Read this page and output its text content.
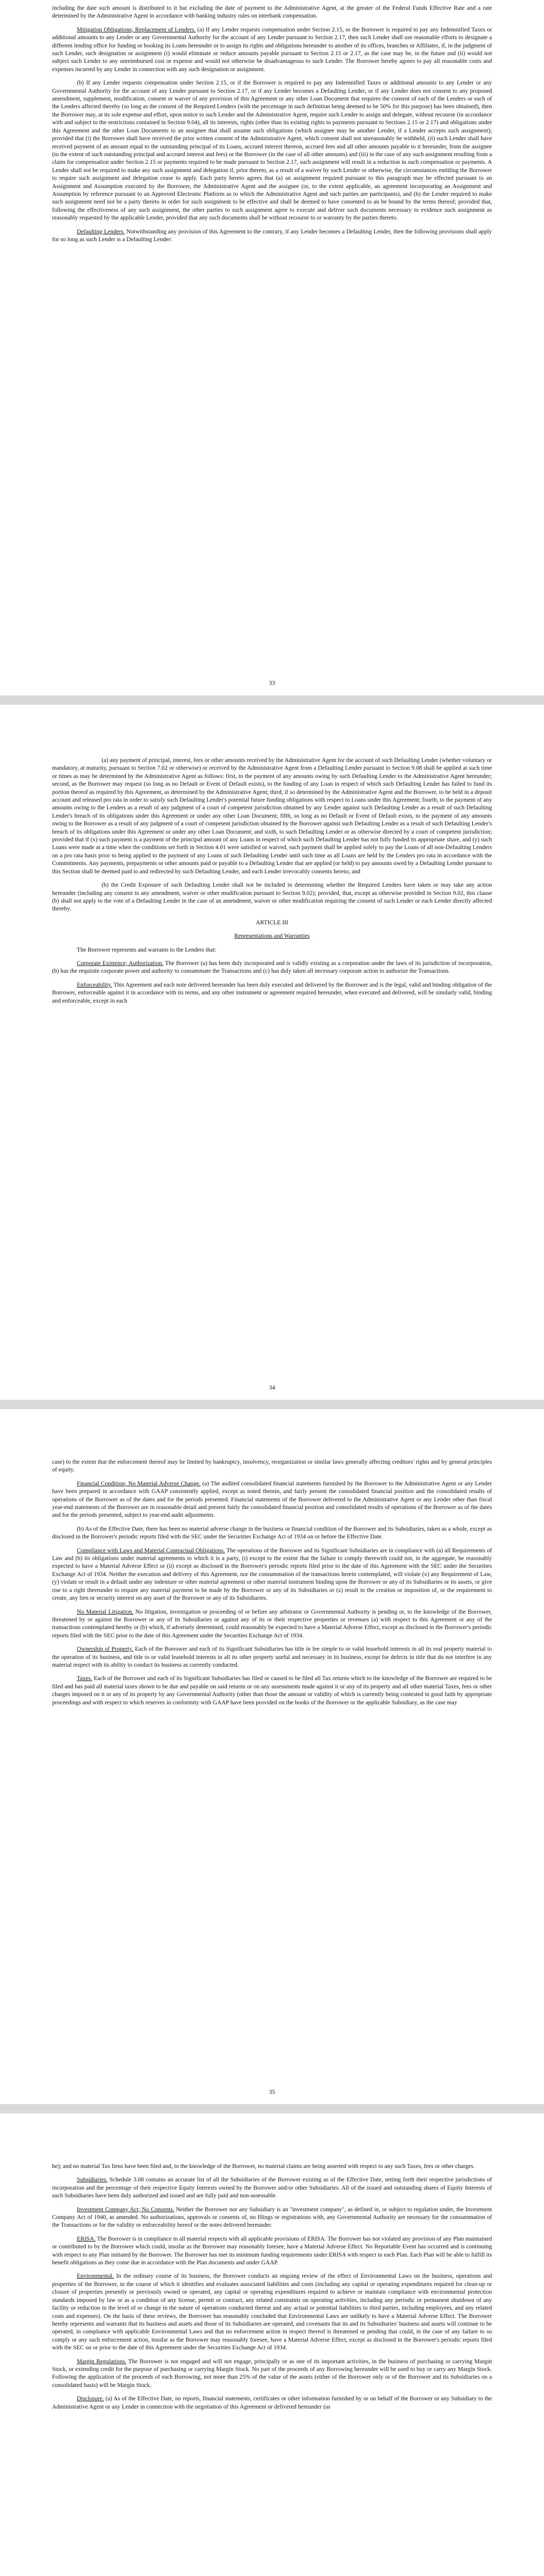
including the date such amount is distributed to it but excluding the date of payment to the Administrative Agent, at the greater of the Federal Funds Effective Rate and a rate determined by the Administrative Agent in accordance with banking industry rules on interbank compensation.

Mitigation Obligations; Replacement of Lenders. (a) If any Lender requests compensation under Section 2.15, or the Borrower is required to pay any Indemnified Taxes or additional amounts to any Lender or any Governmental Authority for the account of any Lender pursuant to Section 2.17, then such Lender shall use reasonable efforts to designate a different lending office for funding or booking its Loans hereunder or to assign its rights and obligations hereunder to another of its offices, branches or Affiliates, if, in the judgment of such Lender, such designation or assignment (i) would eliminate or reduce amounts payable pursuant to Section 2.15 or 2.17, as the case may be, in the future and (ii) would not subject such Lender to any unreimbursed cost or expense and would not otherwise be disadvantageous to such Lender. The Borrower hereby agrees to pay all reasonable costs and expenses incurred by any Lender in connection with any such designation or assignment.

(b) If any Lender requests compensation under Section 2.15, or if the Borrower is required to pay any Indemnified Taxes or additional amounts to any Lender or any Governmental Authority for the account of any Lender pursuant to Section 2.17, or if any Lender becomes a Defaulting Lender, or if any Lender does not consent to any proposed amendment, supplement, modification, consent or waiver of any provision of this Agreement or any other Loan Document that requires the consent of each of the Lenders or each of the Lenders affected thereby (so long as the consent of the Required Lenders (with the percentage in such definition being deemed to be 50% for this purpose) has been obtained), then the Borrower may, at its sole expense and effort, upon notice to such Lender and the Administrative Agent, require such Lender to assign and delegate, without recourse (in accordance with and subject to the restrictions contained in Section 9.04), all its interests, rights (other than its existing rights to payments pursuant to Sections 2.15 or 2.17) and obligations under this Agreement and the other Loan Documents to an assignee that shall assume such obligations (which assignee may be another Lender, if a Lender accepts such assignment); provided that (i) the Borrower shall have received the prior written consent of the Administrative Agent, which consent shall not unreasonably be withheld, (ii) such Lender shall have received payment of an amount equal to the outstanding principal of its Loans, accrued interest thereon, accrued fees and all other amounts payable to it hereunder, from the assignee (to the extent of such outstanding principal and accrued interest and fees) or the Borrower (in the case of all other amounts) and (iii) in the case of any such assignment resulting from a claim for compensation under Section 2.15 or payments required to be made pursuant to Section 2.17, such assignment will result in a reduction in such compensation or payments. A Lender shall not be required to make any such assignment and delegation if, prior thereto, as a result of a waiver by such Lender or otherwise, the circumstances entitling the Borrower to require such assignment and delegation cease to apply. Each party hereto agrees that (a) an assignment required pursuant to this paragraph may be effected pursuant to an Assignment and Assumption executed by the Borrower, the Administrative Agent and the assignee (or, to the extent applicable, an agreement incorporating an Assignment and Assumption by reference pursuant to an Approved Electronic Platform as to which the Administrative Agent and such parties are participants), and (b) the Lender required to make such assignment need not be a party thereto in order for such assignment to be effective and shall be deemed to have consented to an be bound by the terms thereof; provided that, following the effectiveness of any such assignment, the other parties to such assignment agree to execute and deliver such documents necessary to evidence such assignment as reasonably requested by the applicable Lender, provided that any such documents shall be without recourse to or warranty by the parties thereto.

Defaulting Lenders. Notwithstanding any provision of this Agreement to the contrary, if any Lender becomes a Defaulting Lender, then the following provisions shall apply for so long as such Lender is a Defaulting Lender:

33

(a) any payment of principal, interest, fees or other amounts received by the Administrative Agent for the account of such Defaulting Lender (whether voluntary or mandatory, at maturity, pursuant to Section 7.02 or otherwise) or received by the Administrative Agent from a Defaulting Lender pursuant to Section 9.08 shall be applied at such time or times as may be determined by the Administrative Agent as follows: first, to the payment of any amounts owing by such Defaulting Lender to the Administrative Agent hereunder; second, as the Borrower may request (so long as no Default or Event of Default exists), to the funding of any Loan in respect of which such Defaulting Lender has failed to fund its portion thereof as required by this Agreement, as determined by the Administrative Agent; third, if so determined by the Administrative Agent and the Borrower, to be held in a deposit account and released pro rata in order to satisfy such Defaulting Lender's potential future funding obligations with respect to Loans under this Agreement; fourth, to the payment of any amounts owing to the Lenders as a result of any judgment of a court of competent jurisdiction obtained by any Lender against such Defaulting Lender as a result of such Defaulting Lender's breach of its obligations under this Agreement or under any other Loan Document; fifth, so long as no Default or Event of Default exists, to the payment of any amounts owing to the Borrower as a result of any judgment of a court of competent jurisdiction obtained by the Borrower against such Defaulting Lender as a result of such Defaulting Lender's breach of its obligations under this Agreement or under any other Loan Document; and sixth, to such Defaulting Lender or as otherwise directed by a court of competent jurisdiction; provided that if (x) such payment is a payment of the principal amount of any Loans in respect of which such Defaulting Lender has not fully funded its appropriate share, and (y) such Loans were made at a time when the conditions set forth in Section 4.01 were satisfied or waived, such payment shall be applied solely to pay the Loans of all non-Defaulting Lenders on a pro rata basis prior to being applied to the payment of any Loans of such Defaulting Lender until such time as all Loans are held by the Lenders pro rata in accordance with the Commitments. Any payments, prepayments or other amounts paid or payable to a Defaulting Lender that are applied (or held) to pay amounts owed by a Defaulting Lender pursuant to this Section shall be deemed paid to and redirected by such Defaulting Lender, and each Lender irrevocably consents hereto; and

(b) the Credit Exposure of such Defaulting Lender shall not be included in determining whether the Required Lenders have taken or may take any action hereunder (including any consent to any amendment, waiver or other modification pursuant to Section 9.02); provided, that, except as otherwise provided in Section 9.02, this clause (b) shall not apply to the vote of a Defaulting Lender in the case of an amendment, waiver or other modification requiring the consent of such Lender or each Lender directly affected thereby.

ARTICLE III

Representations and Warranties

The Borrower represents and warrants to the Lenders that:

Corporate Existence; Authorization. The Borrower (a) has been duly incorporated and is validly existing as a corporation under the laws of its jurisdiction of incorporation, (b) has the requisite corporate power and authority to consummate the Transactions and (c) has duly taken all necessary corporate action to authorize the Transactions.

Enforceability. This Agreement and each note delivered hereunder has been duly executed and delivered by the Borrower and is the legal, valid and binding obligation of the Borrower, enforceable against it in accordance with its terms, and any other instrument or agreement required hereunder, when executed and delivered, will be similarly valid, binding and enforceable, except in each

34

case) to the extent that the enforcement thereof may be limited by bankruptcy, insolvency, reorganization or similar laws generally affecting creditors' rights and by general principles of equity.

Financial Condition; No Material Adverse Change. (a) The audited consolidated financial statements furnished by the Borrower to the Administrative Agent or any Lender have been prepared in accordance with GAAP consistently applied, except as noted therein, and fairly present the consolidated financial position and the consolidated results of operations of the Borrower as of the dates and for the periods presented. Financial statements of the Borrower delivered to the Administrative Agent or any Lender other than fiscal year-end statements of the Borrower are in reasonable detail and present fairly the consolidated financial position and consolidated results of operations of the Borrower as of the dates and for the periods presented, subject to year-end audit adjustments.

(b) As of the Effective Date, there has been no material adverse change in the business or financial condition of the Borrower and its Subsidiaries, taken as a whole, except as disclosed in the Borrower's periodic reports filed with the SEC under the Securities Exchange Act of 1934 on or before the Effective Date.

Compliance with Laws and Material Contractual Obligations. The operations of the Borrower and its Significant Subsidiaries are in compliance with (a) all Requirements of Law and (b) its obligations under material agreements to which it is a party, (i) except to the extent that the failure to comply therewith could not, in the aggregate, be reasonably expected to have a Material Adverse Effect or (ii) except as disclosed in the Borrower's periodic reports filed prior to the date of this Agreement with the SEC under the Securities Exchange Act of 1934. Neither the execution and delivery of this Agreement, nor the consummation of the transactions herein contemplated, will violate (x) any Requirement of Law, (y) violate or result in a default under any indenture or other material agreement or other material instrument binding upon the Borrower or any of its Subsidiaries or its assets, or give rise to a right thereunder to require any material payment to be made by the Borrower or any of its Subsidiaries or (z) result in the creation or imposition of, or the requirement to create, any lien or security interest on any asset of the Borrower or any of its Subsidiaries.

No Material Litigation. No litigation, investigation or proceeding of or before any arbitrator or Governmental Authority is pending or, to the knowledge of the Borrower, threatened by or against the Borrower or any of its Subsidiaries or against any of its or their respective properties or revenues (a) with respect to this Agreement or any of the transactions contemplated hereby or (b) which, if adversely determined, could reasonably be expected to have a Material Adverse Effect, except as disclosed in the Borrower's periodic reports filed with the SEC prior to the date of this Agreement under the Securities Exchange Act of 1934.

Ownership of Property. Each of the Borrower and each of its Significant Subsidiaries has title in fee simple to or valid leasehold interests in all its real property material to the operation of its business, and title to or valid leasehold interests in all its other property useful and necessary in its business, except for defects in title that do not interfere in any material respect with its ability to conduct its business as currently conducted.

Taxes. Each of the Borrower and each of its Significant Subsidiaries has filed or caused to be filed all Tax returns which to the knowledge of the Borrower are required to be filed and has paid all material taxes shown to be due and payable on said returns or on any assessments made against it or any of its property and all other material Taxes, fees or other charges imposed on it or any of its property by any Governmental Authority (other than those the amount or validity of which is currently being contested in good faith by appropriate proceedings and with respect to which reserves in conformity with GAAP have been provided on the books of the Borrower or the applicable Subsidiary, as the case may

35

be); and no material Tax liens have been filed and, to the knowledge of the Borrower, no material claims are being asserted with respect to any such Taxes, fees or other charges.

Subsidiaries. Schedule 3.08 contains an accurate list of all the Subsidiaries of the Borrower existing as of the Effective Date, setting forth their respective jurisdictions of incorporation and the percentage of their respective Equity Interests owned by the Borrower and/or other Subsidiaries. All of the issued and outstanding shares of Equity Interests of such Subsidiaries have been duly authorized and issued and are fully paid and non-assessable.

Investment Company Act; No Consents. Neither the Borrower nor any Subsidiary is an "investment company", as defined in, or subject to regulation under, the Investment Company Act of 1940, as amended. No authorizations, approvals or consents of, no filings or registrations with, any Governmental Authority are necessary for the consummation of the Transactions or for the validity or enforceability hereof or the notes delivered hereunder.

ERISA. The Borrower is in compliance in all material respects with all applicable provisions of ERISA. The Borrower has not violated any provision of any Plan maintained or contributed to by the Borrower which could, insofar as the Borrower may reasonably foresee, have a Material Adverse Effect. No Reportable Event has occurred and is continuing with respect to any Plan initiated by the Borrower. The Borrower has met its minimum funding requirements under ERISA with respect to each Plan. Each Plan will be able to fulfill its benefit obligations as they come due in accordance with the Plan documents and under GAAP.

Environmental. In the ordinary course of its business, the Borrower conducts an ongoing review of the effect of Environmental Laws on the business, operations and properties of the Borrower, in the course of which it identifies and evaluates associated liabilities and costs (including any capital or operating expenditures required for clean-up or closure of properties presently or previously owned or operated, any capital or operating expenditures required to achieve or maintain compliance with environmental protection standards imposed by law or as a condition of any license, permit or contract, any related constraints on operating activities, including any periodic or permanent shutdown of any facility or reduction in the level of or change in the nature of operations conducted thereat and any actual or potential liabilities to third parties, including employees, and any related costs and expenses). On the basis of these reviews, the Borrower has reasonably concluded that Environmental Laws are unlikely to have a Material Adverse Effect. The Borrower hereby represents and warrants that its business and assets and those of its Subsidiaries are operated, and covenants that its and its Subsidiaries' business and assets will continue to be operated, in compliance with applicable Environmental Laws and that no enforcement action in respect thereof is threatened or pending that could, in the case of any failure to so comply or any such enforcement action, insofar as the Borrower may reasonably foresee, have a Material Adverse Effect, except as disclosed in the Borrower's periodic reports filed with the SEC on or prior to the date of this Agreement under the Securities Exchange Act of 1934.

Margin Regulations. The Borrower is not engaged and will not engage, principally or as one of its important activities, in the business of purchasing or carrying Margin Stock, or extending credit for the purpose of purchasing or carrying Margin Stock. No part of the proceeds of any Borrowing hereunder will be used to buy or carry any Margin Stock. Following the application of the proceeds of each Borrowing, not more than 25% of the value of the assets (either of the Borrower only or of the Borrower and its Subsidiaries on a consolidated basis) will be Margin Stock.

Disclosure. (a) As of the Effective Date, no reports, financial statements, certificates or other information furnished by or on behalf of the Borrower or any Subsidiary to the Administrative Agent or any Lender in connection with the negotiation of this Agreement or delivered hereunder (as
